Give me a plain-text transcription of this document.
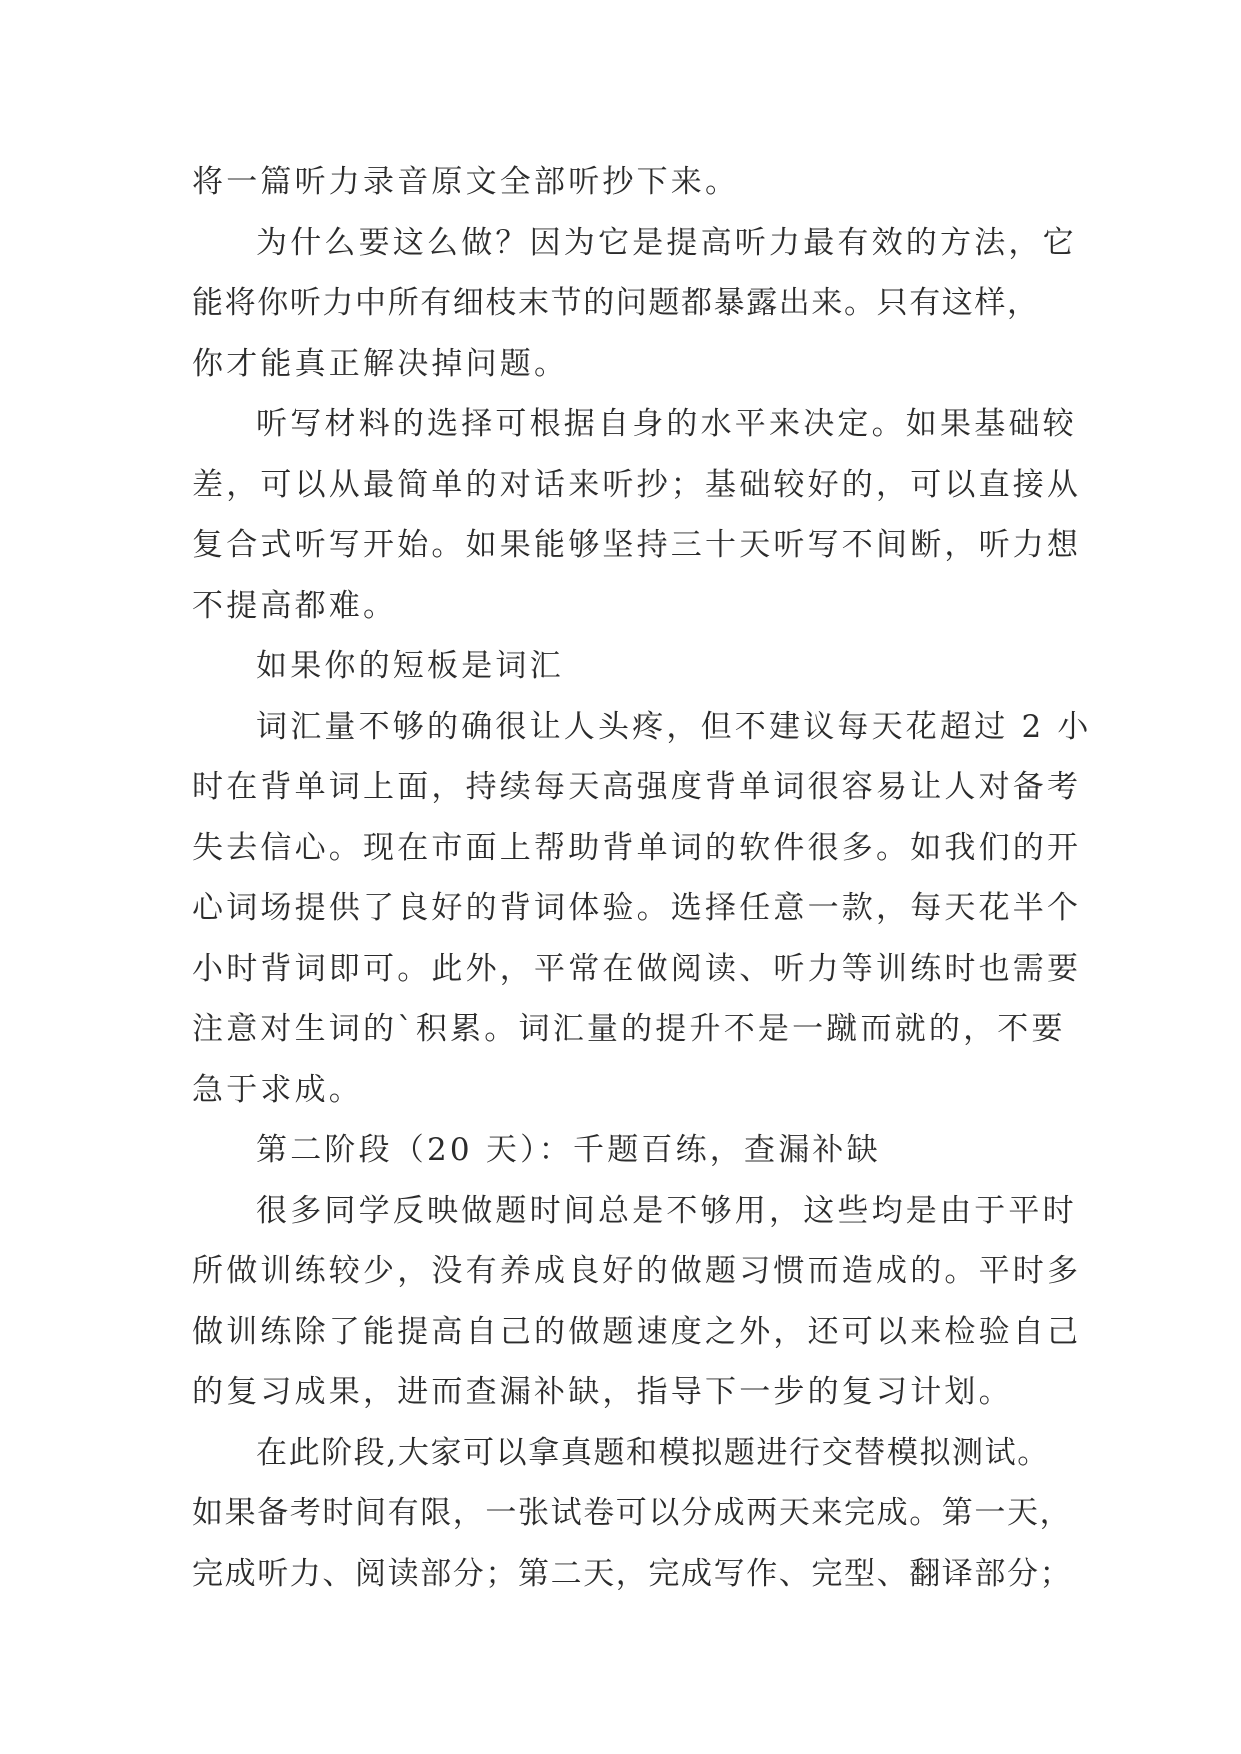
将一篇听力录音原文全部听抄下来。
为什么要这么做？因为它是提高听力最有效的方法，它
能将你听力中所有细枝末节的问题都暴露出来。只有这样，
你才能真正解决掉问题。
听写材料的选择可根据自身的水平来决定。如果基础较
差，可以从最简单的对话来听抄；基础较好的，可以直接从
复合式听写开始。如果能够坚持三十天听写不间断，听力想
不提高都难。
如果你的短板是词汇
词汇量不够的确很让人头疼，但不建议每天花超过 2 小
时在背单词上面，持续每天高强度背单词很容易让人对备考
失去信心。现在市面上帮助背单词的软件很多。如我们的开
心词场提供了良好的背词体验。选择任意一款，每天花半个
小时背词即可。此外，平常在做阅读、听力等训练时也需要
注意对生词的`积累。词汇量的提升不是一蹴而就的，不要
急于求成。
第二阶段（20 天）：千题百练，查漏补缺
很多同学反映做题时间总是不够用，这些均是由于平时
所做训练较少，没有养成良好的做题习惯而造成的。平时多
做训练除了能提高自己的做题速度之外，还可以来检验自己
的复习成果，进而查漏补缺，指导下一步的复习计划。
在此阶段,大家可以拿真题和模拟题进行交替模拟测试。
如果备考时间有限，一张试卷可以分成两天来完成。第一天，
完成听力、阅读部分；第二天，完成写作、完型、翻译部分；
